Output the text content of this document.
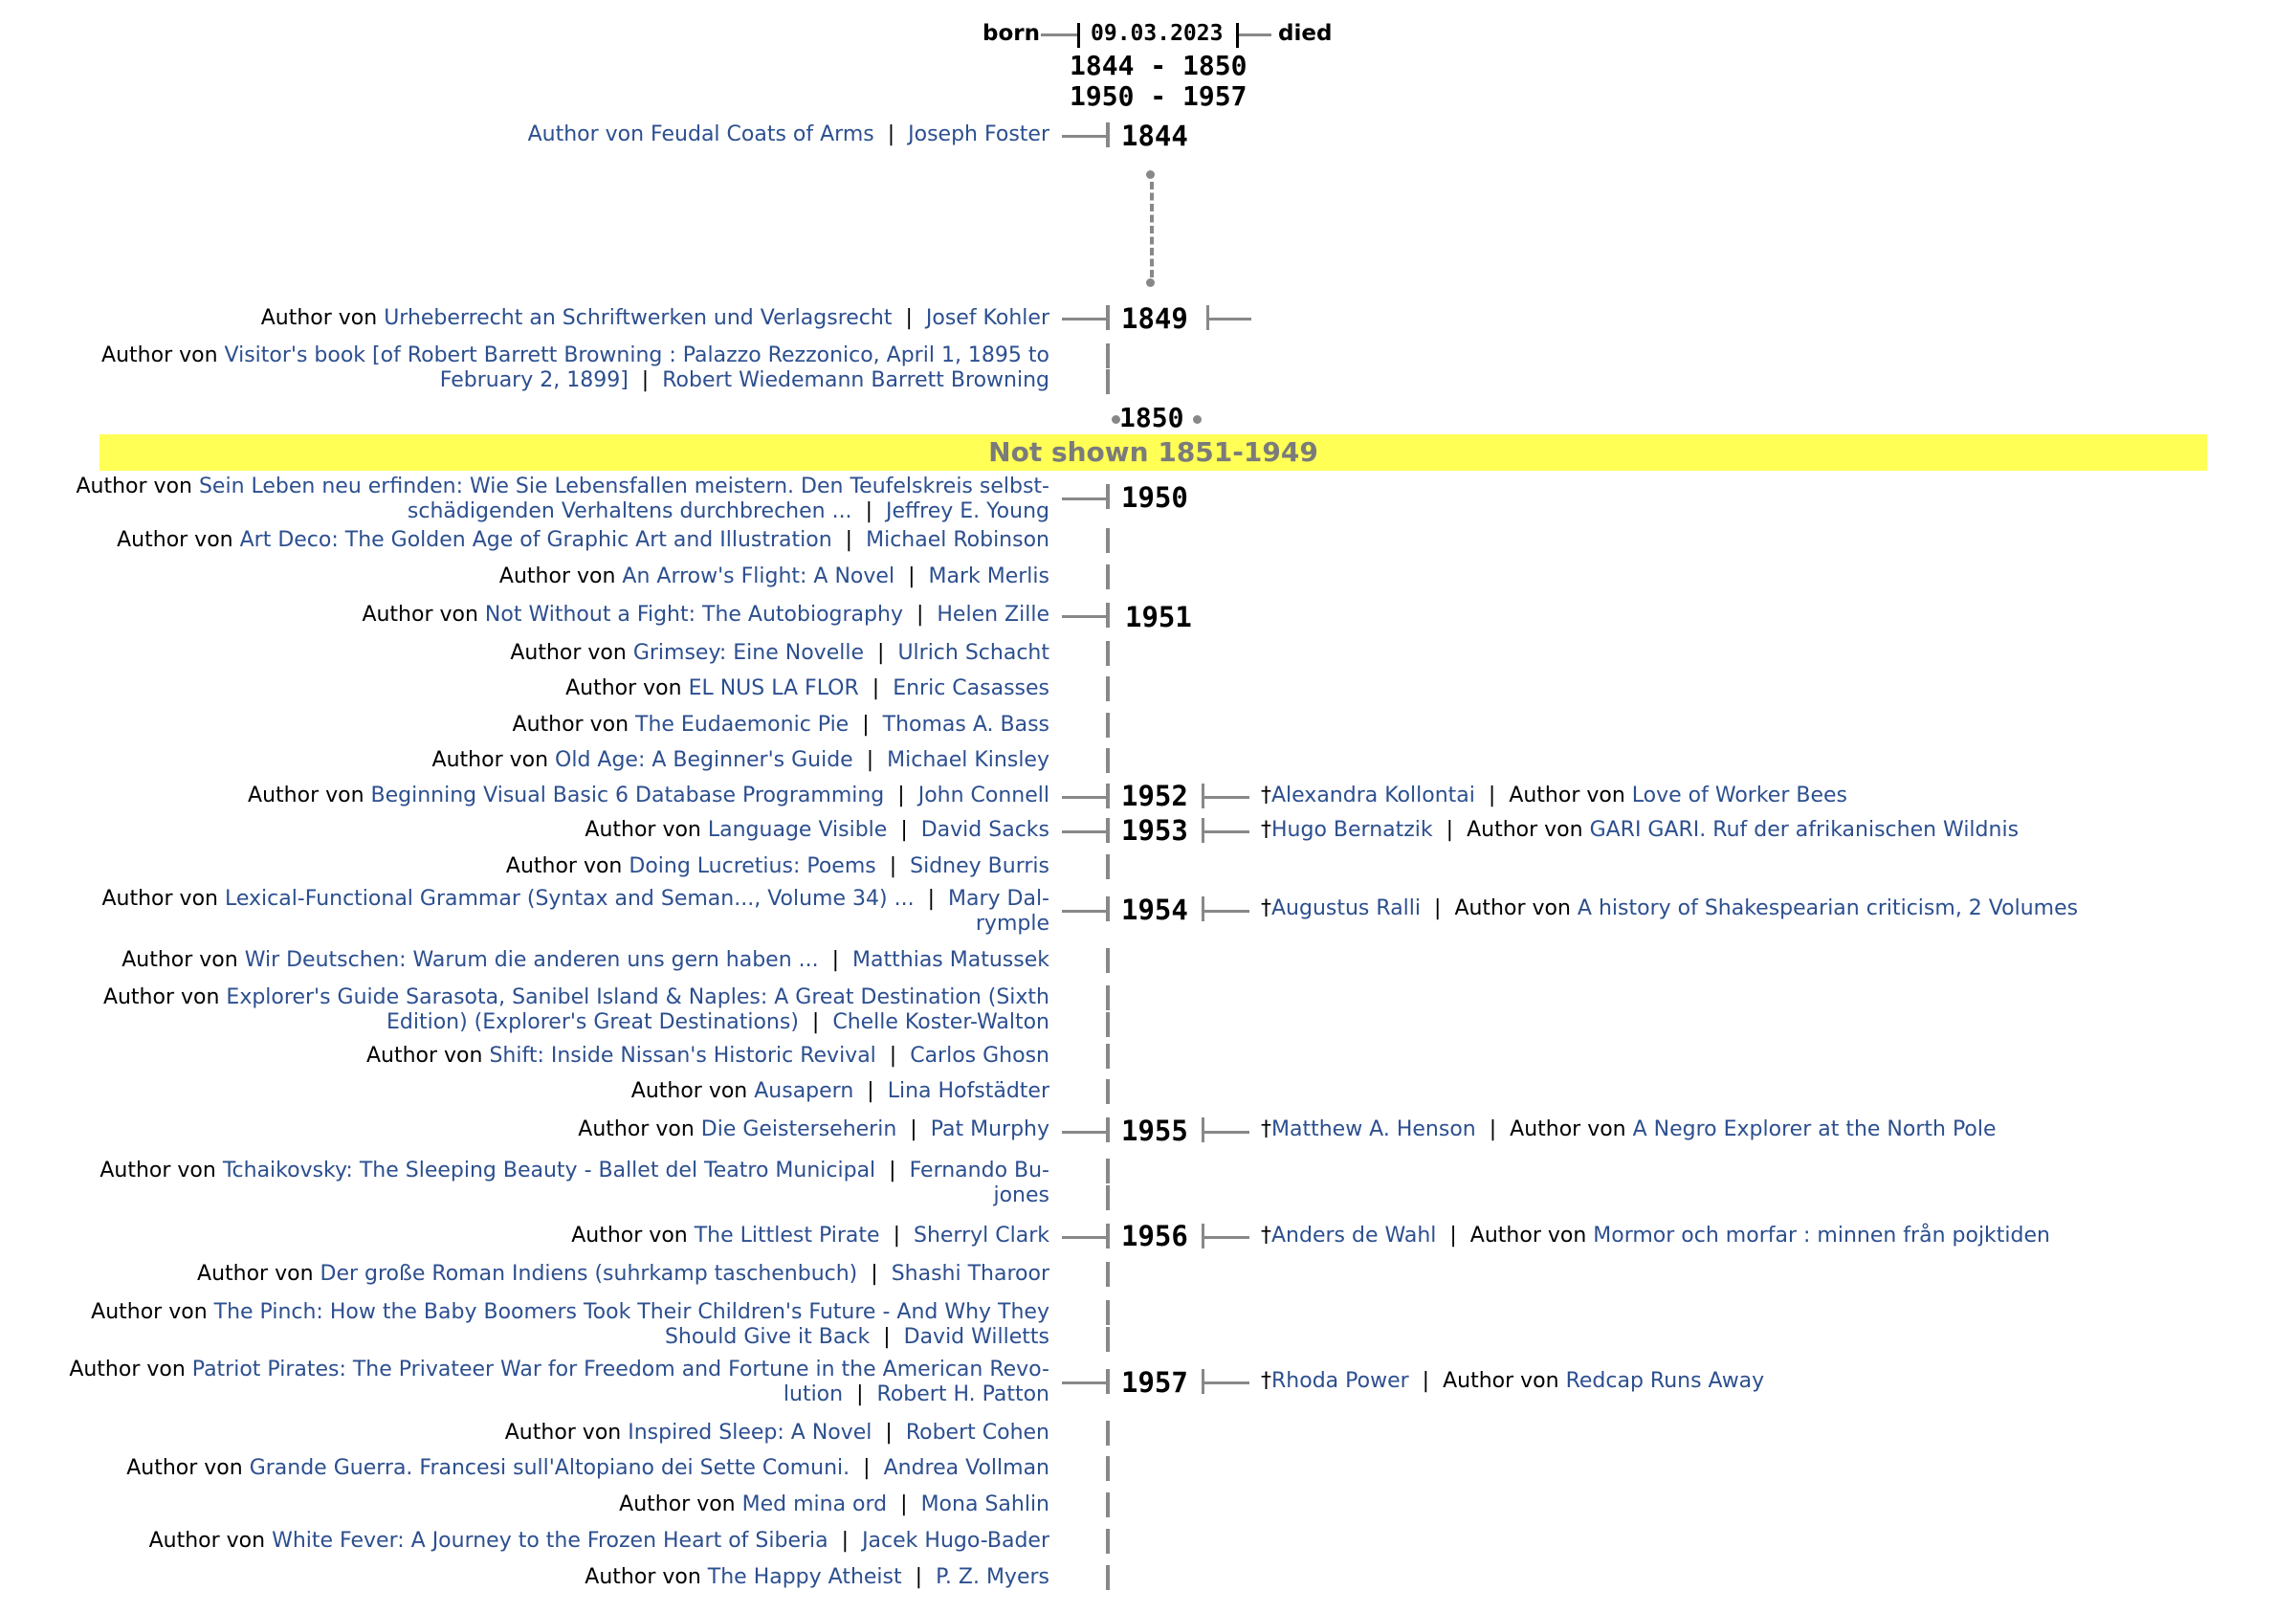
born 09.03.2023	died
1844 - 1850
1950 - 1957
Author von Feudal Coats of Arms | Joseph Foster	1844
Author von Urheberrecht an Schriftwerken und Verlagsrecht | Josef Kohler	1849
Author von Visitor's book [of Robert Barrett Browning : Palazzo Rezzonico, April 1, 1895 to
February 2, 1899] | Robert Wiedemann Barrett Browning
1850
Not shown 1851-1949
Author von Sein Leben neu erfinden: Wie Sie Lebensfallen meistern. Den Teufelskreis selbst-
schädigenden Verhaltens durchbrechen ... | Jeffrey E. Young	1950
Author von Art Deco: The Golden Age of Graphic Art and Illustration | Michael Robinson
Author von An Arrow's Flight: A Novel | Mark Merlis
Author von Not Without a Fight: The Autobiography | Helen Zille	1951
Author von Grimsey: Eine Novelle | Ulrich Schacht
Author von EL NUS LA FLOR | Enric Casasses
Author von The Eudaemonic Pie | Thomas A. Bass
Author von Old Age: A Beginner's Guide | Michael Kinsley
Author von Beginning Visual Basic 6 Database Programming | John Connell	1952	†Alexandra Kollontai | Author von Love of Worker Bees
Author von Language Visible | David Sacks	1953	†Hugo Bernatzik | Author von GARI GARI. Ruf der afrikanischen Wildnis
Author von Doing Lucretius: Poems | Sidney Burris
Author von Lexical-Functional Grammar (Syntax and Seman..., Volume 34) ... | Mary Dal-
rymple	1954	†Augustus Ralli | Author von A history of Shakespearian criticism, 2 Volumes
Author von Wir Deutschen: Warum die anderen uns gern haben ... | Matthias Matussek
Author von Explorer's Guide Sarasota, Sanibel Island & Naples: A Great Destination (Sixth
Edition) (Explorer's Great Destinations) | Chelle Koster-Walton
Author von Shift: Inside Nissan's Historic Revival | Carlos Ghosn
Author von Ausapern | Lina Hofstädter
Author von Die Geisterseherin | Pat Murphy	1955	†Matthew A. Henson | Author von A Negro Explorer at the North Pole
Author von Tchaikovsky: The Sleeping Beauty - Ballet del Teatro Municipal | Fernando Bu-
jones
Author von The Littlest Pirate | Sherryl Clark	1956	†Anders de Wahl | Author von Mormor och morfar : minnen från pojktiden
Author von Der große Roman Indiens (suhrkamp taschenbuch) | Shashi Tharoor
Author von The Pinch: How the Baby Boomers Took Their Children's Future - And Why They
Should Give it Back | David Willetts
Author von Patriot Pirates: The Privateer War for Freedom and Fortune in the American Revo-
lution | Robert H. Patton	1957	†Rhoda Power | Author von Redcap Runs Away
Author von Inspired Sleep: A Novel | Robert Cohen
Author von Grande Guerra. Francesi sull'Altopiano dei Sette Comuni. | Andrea Vollman
Author von Med mina ord | Mona Sahlin
Author von White Fever: A Journey to the Frozen Heart of Siberia | Jacek Hugo-Bader
Author von The Happy Atheist | P. Z. Myers
